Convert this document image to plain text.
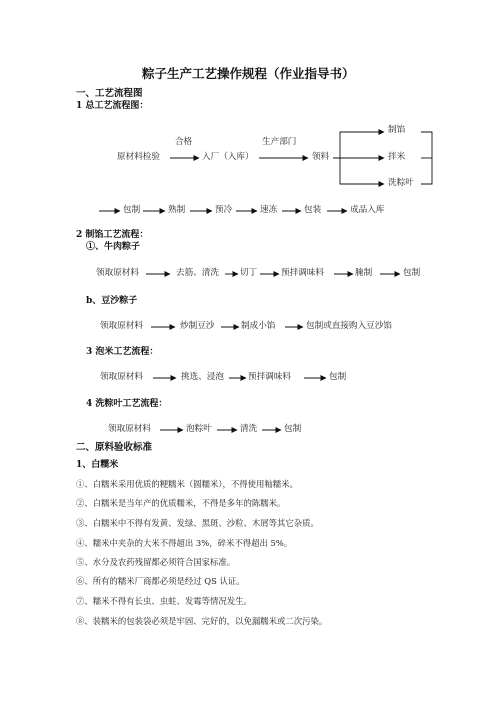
粽子生产工艺操作规程（作业指导书）
一、工艺流程图
1 总工艺流程图：
合格	生产部门
原材料检验	入厂（入库）	领料
制馅
拌米
洗粽叶
包制	熟制	预冷	速冻	包装	成品入库
2 制馅工艺流程：
①、牛肉粽子
领取原材料	去筋、清洗 切丁	预拌调味料	腌制	包制
b、豆沙粽子
领取原材料	炒制豆沙	制成小馅	包制或直接购入豆沙馅
3 泡米工艺流程：
领取原材料	挑选、浸泡	预拌调味料	包制
4 洗粽叶工艺流程：
领取原材料	泡粽叶	清洗	包制
二、原料验收标准
1、白糯米
①、白糯米采用优质的粳糯米（圆糯米），不得使用籼糯米。
②、白糯米是当年产的优质糯米，不得是多年的陈糯米。
③、白糯米中不得有发黄、发绿、黑斑、沙粒、木屑等其它杂质。
④、糯米中夹杂的大米不得超出 3%，碎米不得超出 5%。
⑤、水分及农药残留都必须符合国家标准。
⑥、所有的糯米厂商都必须是经过 QS 认证。
⑦、糯米不得有长虫、虫蛀、发霉等情况发生。
⑧、装糯米的包装袋必须是牢固、完好的，以免漏糯米或二次污染。
